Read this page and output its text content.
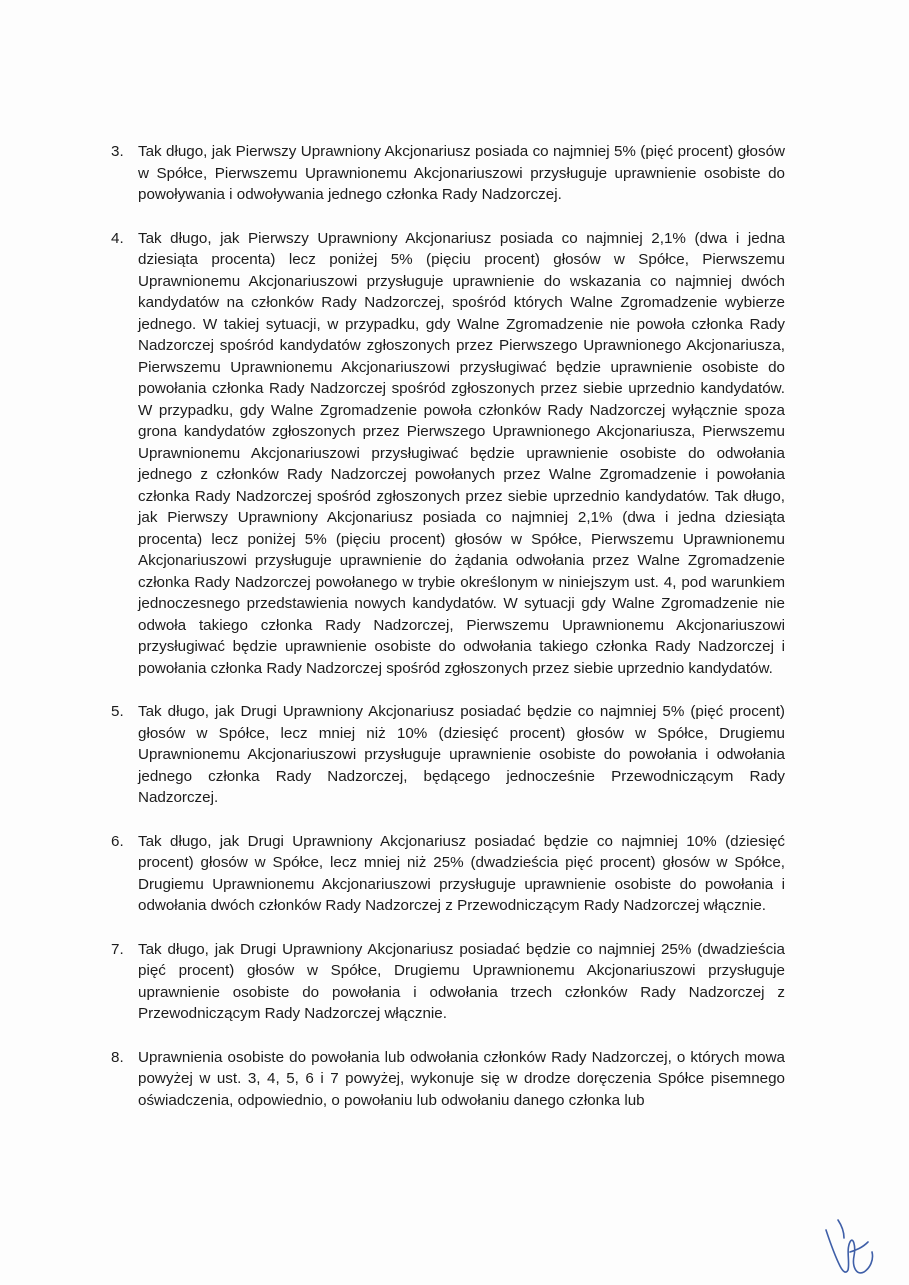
3. Tak długo, jak Pierwszy Uprawniony Akcjonariusz posiada co najmniej 5% (pięć procent) głosów w Spółce, Pierwszemu Uprawnionemu Akcjonariuszowi przysługuje uprawnienie osobiste do powoływania i odwoływania jednego członka Rady Nadzorczej.
4. Tak długo, jak Pierwszy Uprawniony Akcjonariusz posiada co najmniej 2,1% (dwa i jedna dziesiąta procenta) lecz poniżej 5% (pięciu procent) głosów w Spółce, Pierwszemu Uprawnionemu Akcjonariuszowi przysługuje uprawnienie do wskazania co najmniej dwóch kandydatów na członków Rady Nadzorczej, spośród których Walne Zgromadzenie wybierze jednego. W takiej sytuacji, w przypadku, gdy Walne Zgromadzenie nie powoła członka Rady Nadzorczej spośród kandydatów zgłoszonych przez Pierwszego Uprawnionego Akcjonariusza, Pierwszemu Uprawnionemu Akcjonariuszowi przysługiwać będzie uprawnienie osobiste do powołania członka Rady Nadzorczej spośród zgłoszonych przez siebie uprzednio kandydatów. W przypadku, gdy Walne Zgromadzenie powoła członków Rady Nadzorczej wyłącznie spoza grona kandydatów zgłoszonych przez Pierwszego Uprawnionego Akcjonariusza, Pierwszemu Uprawnionemu Akcjonariuszowi przysługiwać będzie uprawnienie osobiste do odwołania jednego z członków Rady Nadzorczej powołanych przez Walne Zgromadzenie i powołania członka Rady Nadzorczej spośród zgłoszonych przez siebie uprzednio kandydatów. Tak długo, jak Pierwszy Uprawniony Akcjonariusz posiada co najmniej 2,1% (dwa i jedna dziesiąta procenta) lecz poniżej 5% (pięciu procent) głosów w Spółce, Pierwszemu Uprawnionemu Akcjonariuszowi przysługuje uprawnienie do żądania odwołania przez Walne Zgromadzenie członka Rady Nadzorczej powołanego w trybie określonym w niniejszym ust. 4, pod warunkiem jednoczesnego przedstawienia nowych kandydatów. W sytuacji gdy Walne Zgromadzenie nie odwoła takiego członka Rady Nadzorczej, Pierwszemu Uprawnionemu Akcjonariuszowi przysługiwać będzie uprawnienie osobiste do odwołania takiego członka Rady Nadzorczej i powołania członka Rady Nadzorczej spośród zgłoszonych przez siebie uprzednio kandydatów.
5. Tak długo, jak Drugi Uprawniony Akcjonariusz posiadać będzie co najmniej 5% (pięć procent) głosów w Spółce, lecz mniej niż 10% (dziesięć procent) głosów w Spółce, Drugiemu Uprawnionemu Akcjonariuszowi przysługuje uprawnienie osobiste do powołania i odwołania jednego członka Rady Nadzorczej, będącego jednocześnie Przewodniczącym Rady Nadzorczej.
6. Tak długo, jak Drugi Uprawniony Akcjonariusz posiadać będzie co najmniej 10% (dziesięć procent) głosów w Spółce, lecz mniej niż 25% (dwadzieścia pięć procent) głosów w Spółce, Drugiemu Uprawnionemu Akcjonariuszowi przysługuje uprawnienie osobiste do powołania i odwołania dwóch członków Rady Nadzorczej z Przewodniczącym Rady Nadzorczej włącznie.
7. Tak długo, jak Drugi Uprawniony Akcjonariusz posiadać będzie co najmniej 25% (dwadzieścia pięć procent) głosów w Spółce, Drugiemu Uprawnionemu Akcjonariuszowi przysługuje uprawnienie osobiste do powołania i odwołania trzech członków Rady Nadzorczej z Przewodniczącym Rady Nadzorczej włącznie.
8. Uprawnienia osobiste do powołania lub odwołania członków Rady Nadzorczej, o których mowa powyżej w ust. 3, 4, 5, 6 i 7 powyżej, wykonuje się w drodze doręczenia Spółce pisemnego oświadczenia, odpowiednio, o powołaniu lub odwołaniu danego członka lub
